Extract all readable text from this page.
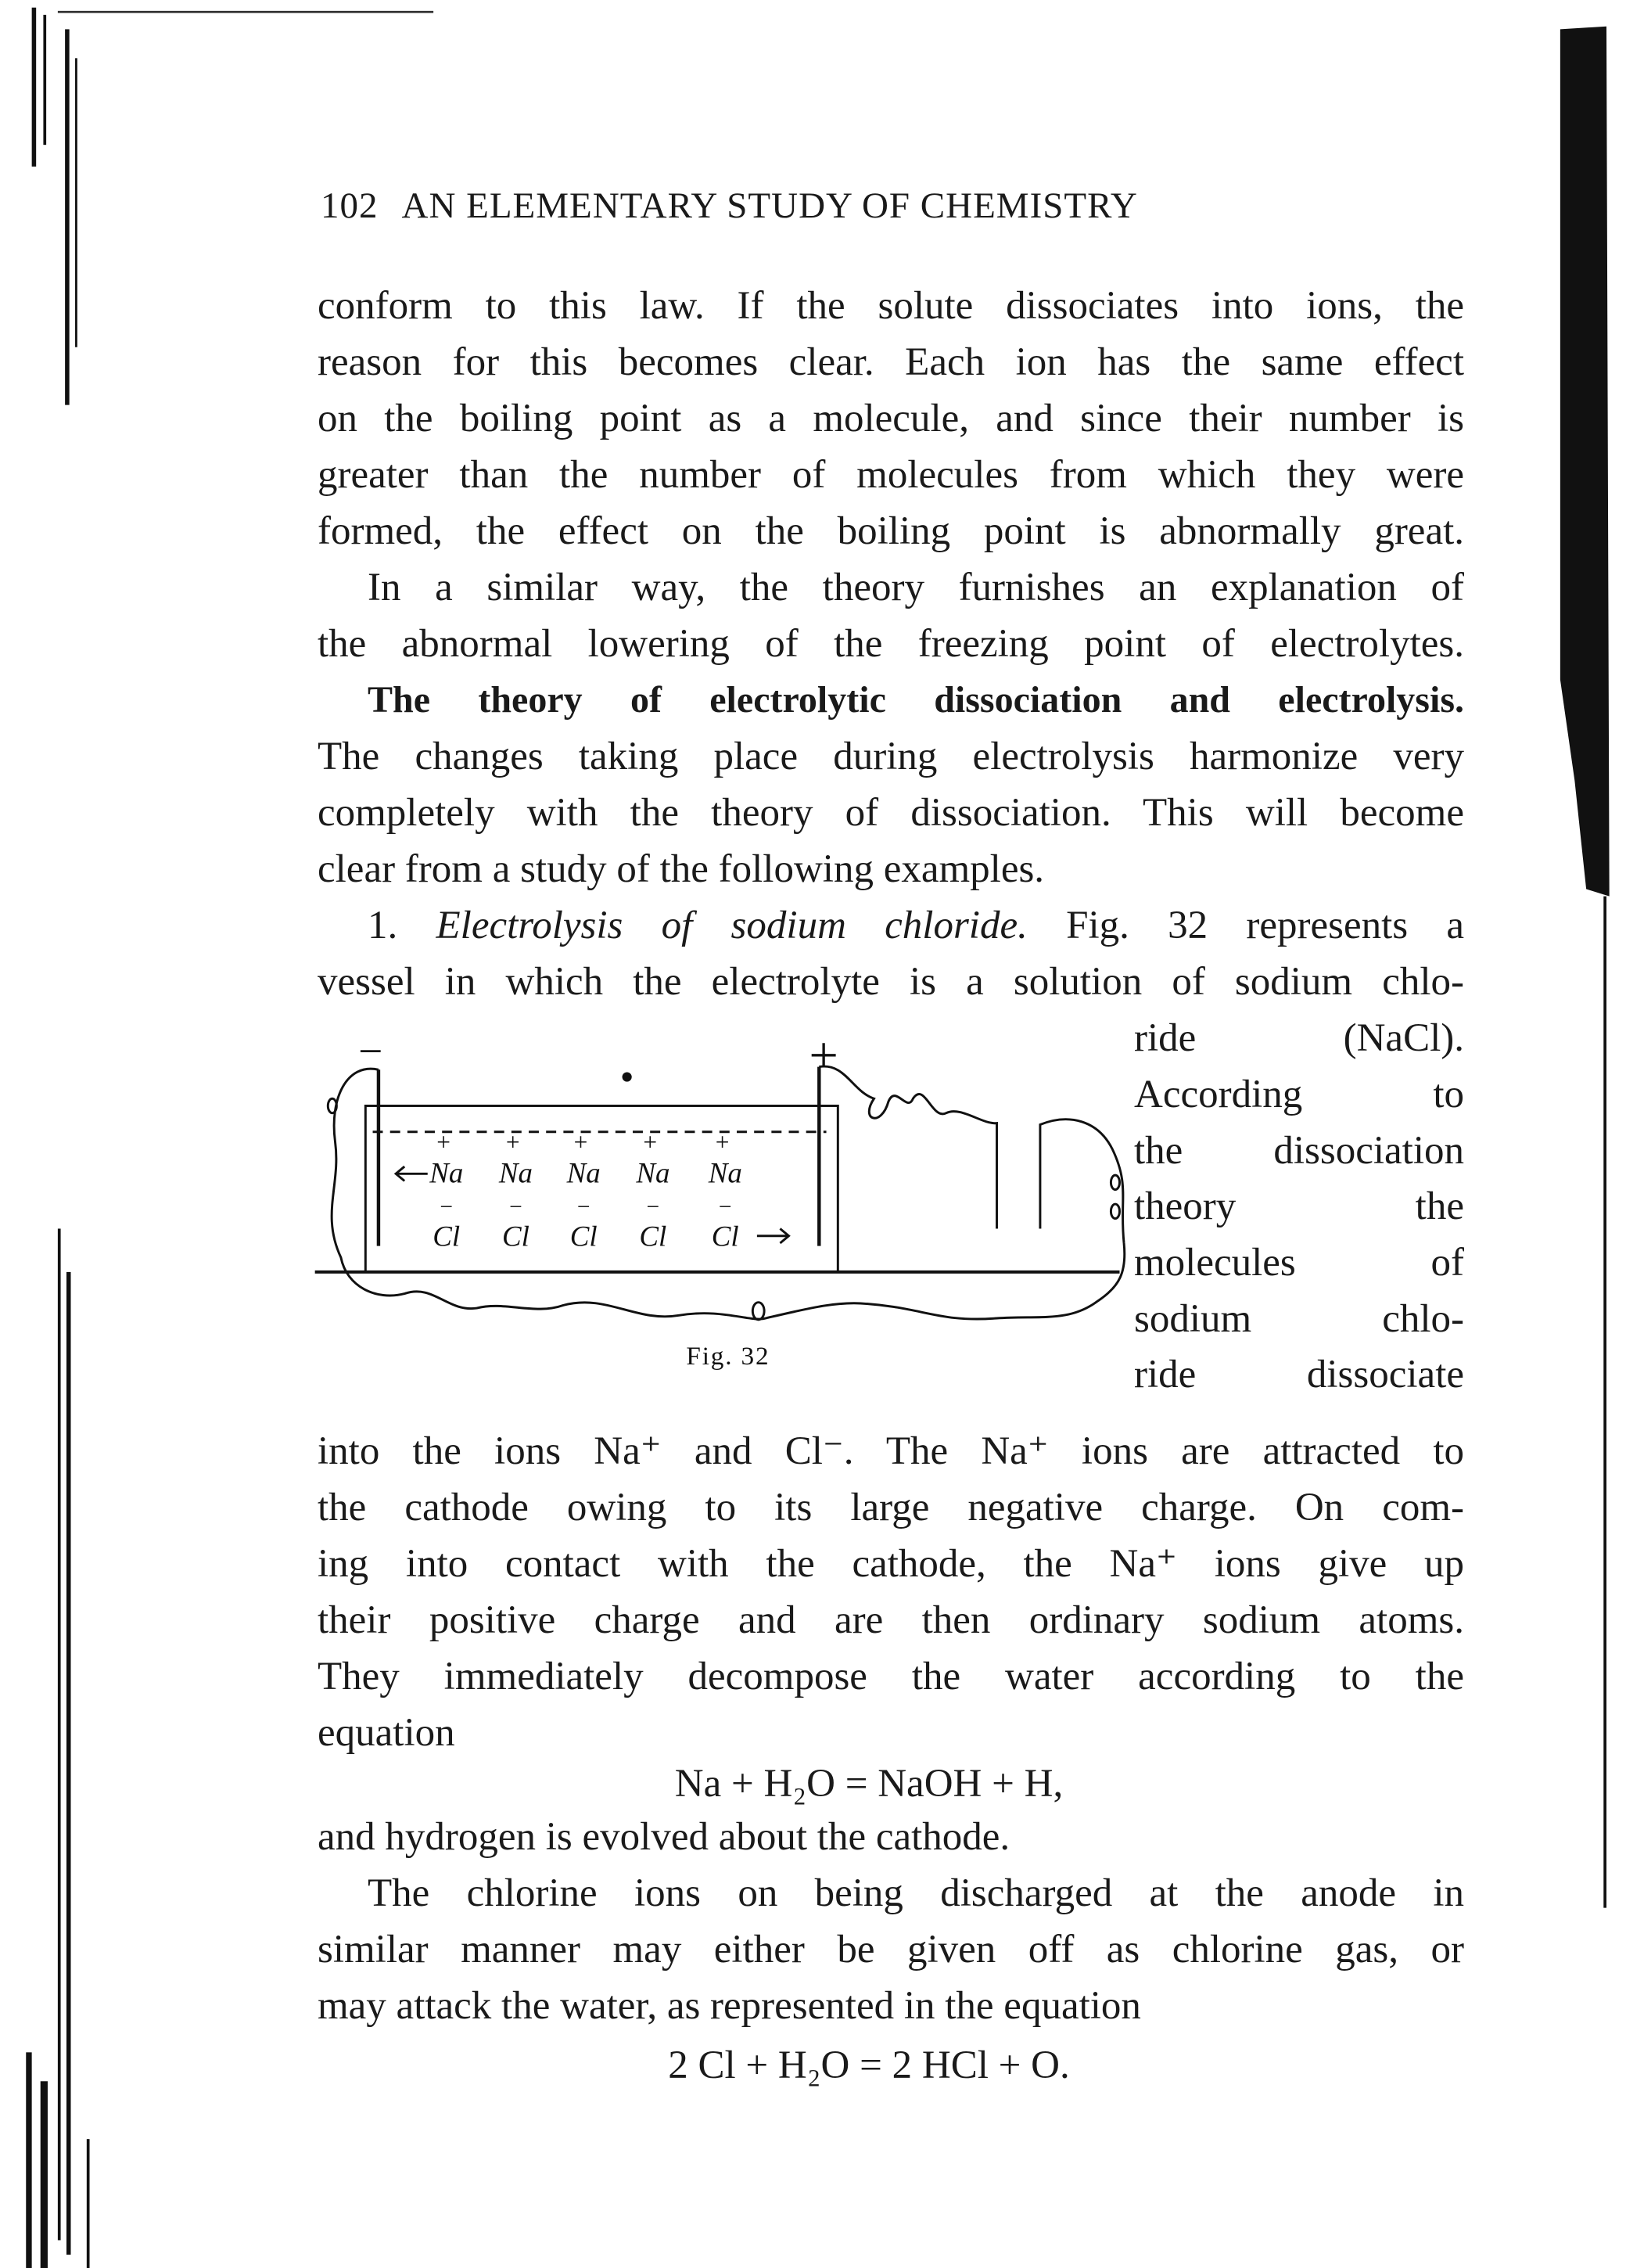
102 AN ELEMENTARY STUDY OF CHEMISTRY
conform to this law. If the solute dissociates into ions, the
reason for this becomes clear. Each ion has the same effect
on the boiling point as a molecule, and since their number is
greater than the number of molecules from which they were
formed, the effect on the boiling point is abnormally great.
In a similar way, the theory furnishes an explanation of
the abnormal lowering of the freezing point of electrolytes.
The theory of electrolytic dissociation and electrolysis.
The changes taking place during electrolysis harmonize very
completely with the theory of dissociation. This will become
clear from a study of the following examples.
1. Electrolysis of sodium chloride. Fig. 32 represents a
vessel in which the electrolyte is a solution of sodium chlo-
ride (NaCl).
According to
the dissociation
theory the
molecules of
sodium chlo-
ride dissociate
into the ions Na⁺ and Cl⁻. The Na⁺ ions are attracted to
the cathode owing to its large negative charge. On com-
ing into contact with the cathode, the Na⁺ ions give up
their positive charge and are then ordinary sodium atoms.
They immediately decompose the water according to the
equation
Na + H₂O = NaOH + H,
and hydrogen is evolved about the cathode.
The chlorine ions on being discharged at the anode in
similar manner may either be given off as chlorine gas, or
may attack the water, as represented in the equation
2 Cl + H₂O = 2 HCl + O.
−	+
+
Na
−
Cl
+
Na
−
Cl
+
Na
−
Cl
+
Na
−
Cl
+
Na
−
Cl
Fig. 32
